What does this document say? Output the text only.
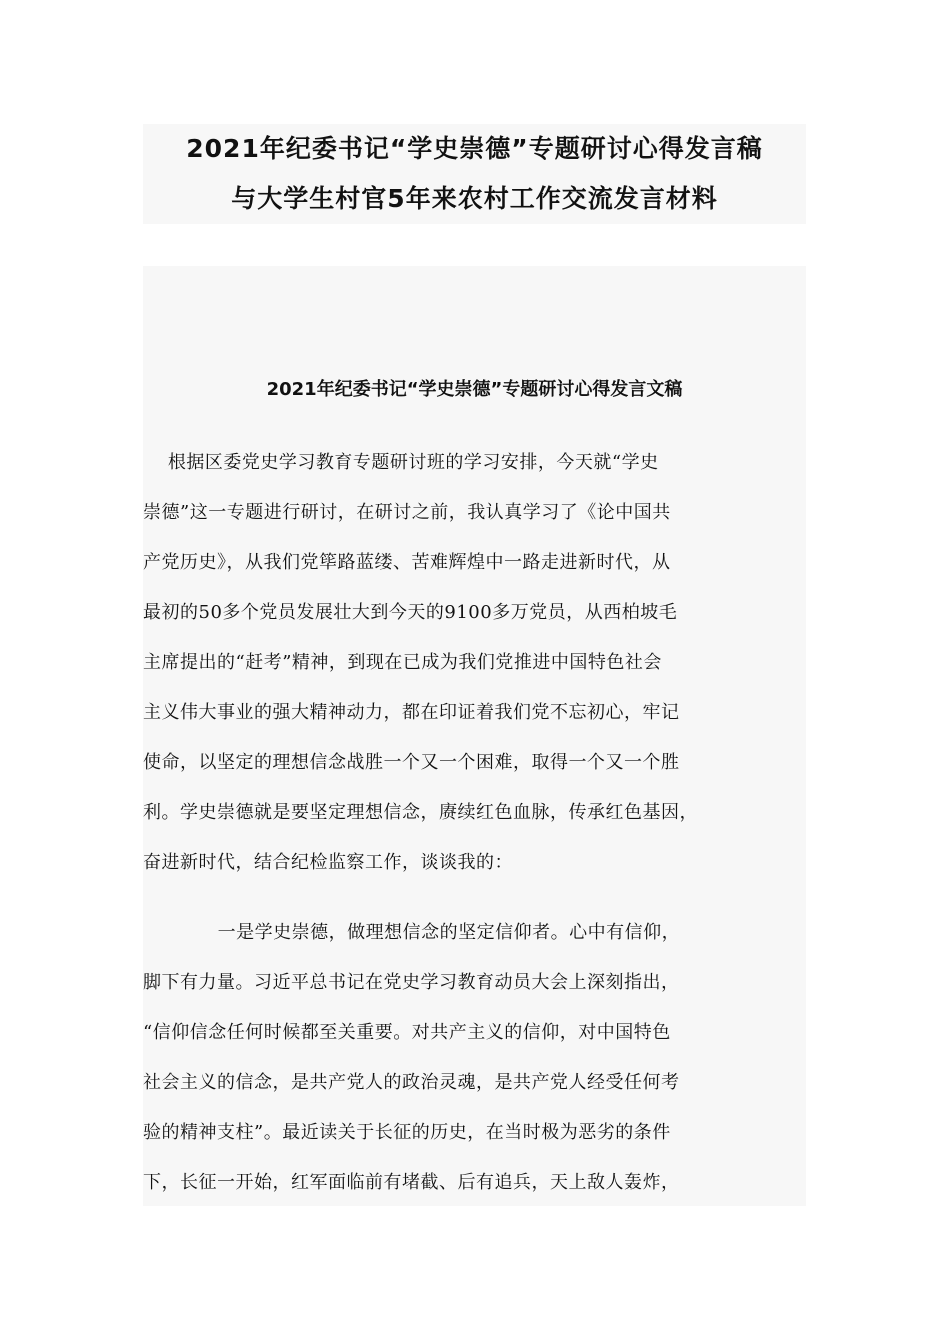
2021年纪委书记“学史崇德”专题研讨心得发言稿
与大学生村官5年来农村工作交流发言材料
2021年纪委书记“学史崇德”专题研讨心得发言文稿
根据区委党史学习教育专题研讨班的学习安排，今天就“学史
崇德”这一专题进行研讨，在研讨之前，我认真学习了《论中国共
产党历史》，从我们党筚路蓝缕、苦难辉煌中一路走进新时代，从
最初的50多个党员发展壮大到今天的9100多万党员，从西柏坡毛
主席提出的“赶考”精神，到现在已成为我们党推进中国特色社会
主义伟大事业的强大精神动力，都在印证着我们党不忘初心，牢记
使命，以坚定的理想信念战胜一个又一个困难，取得一个又一个胜
利。学史崇德就是要坚定理想信念，赓续红色血脉，传承红色基因，
奋进新时代，结合纪检监察工作，谈谈我的：
一是学史崇德，做理想信念的坚定信仰者。心中有信仰，
脚下有力量。习近平总书记在党史学习教育动员大会上深刻指出，
“信仰信念任何时候都至关重要。对共产主义的信仰，对中国特色
社会主义的信念，是共产党人的政治灵魂，是共产党人经受任何考
验的精神支柱”。最近读关于长征的历史，在当时极为恶劣的条件
下，长征一开始，红军面临前有堵截、后有追兵，天上敌人轰炸，
